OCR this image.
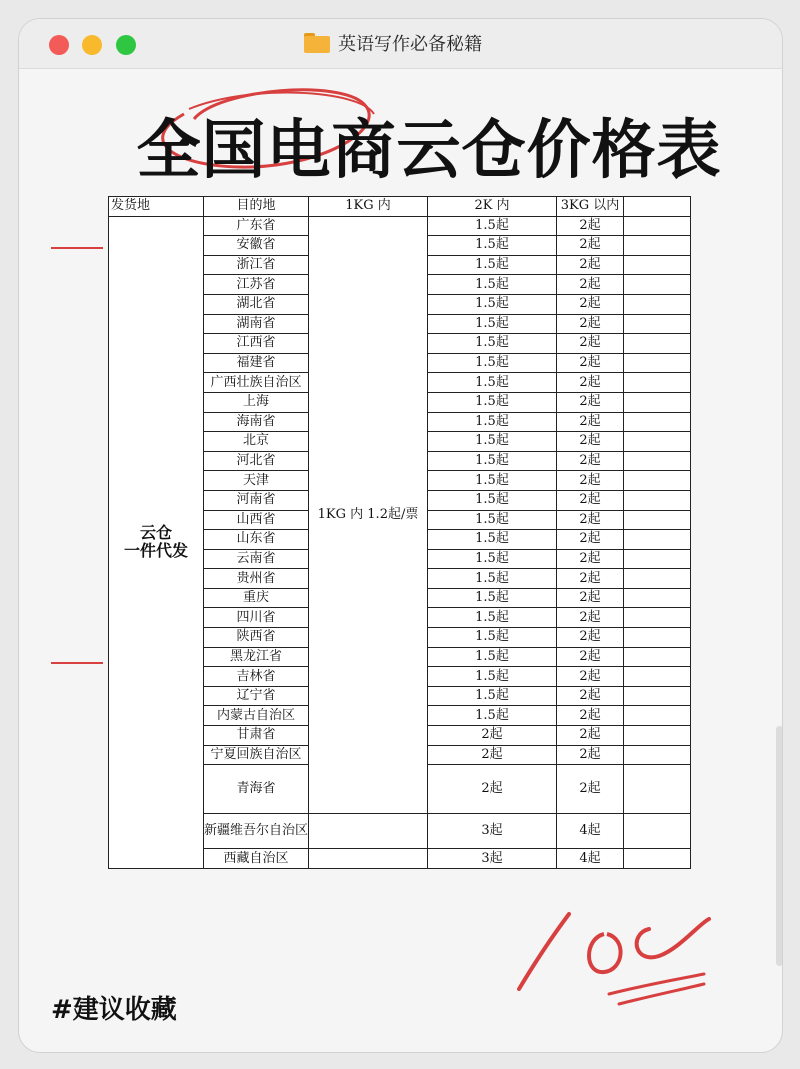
英语写作必备秘籍
全国电商云仓价格表
发货地	目的地	1KG 内	2K 内	3KG 以内	
云仓
一件代发	广东省	1KG 内 1.2起/票	1.5起	2起	
	安徽省		1.5起	2起	
	浙江省		1.5起	2起	
	江苏省		1.5起	2起	
	湖北省		1.5起	2起	
	湖南省		1.5起	2起	
	江西省		1.5起	2起	
	福建省		1.5起	2起	
	广西壮族自治区		1.5起	2起	
	上海		1.5起	2起	
	海南省		1.5起	2起	
	北京		1.5起	2起	
	河北省		1.5起	2起	
	天津		1.5起	2起	
	河南省		1.5起	2起	
	山西省		1.5起	2起	
	山东省		1.5起	2起	
	云南省		1.5起	2起	
	贵州省		1.5起	2起	
	重庆		1.5起	2起	
	四川省		1.5起	2起	
	陕西省		1.5起	2起	
	黑龙江省		1.5起	2起	
	吉林省		1.5起	2起	
	辽宁省		1.5起	2起	
	内蒙古自治区		1.5起	2起	
	甘肃省		2起	2起	
	宁夏回族自治区		2起	2起	
	青海省		2起	2起	
	新疆维吾尔自治区		3起	4起	
	西藏自治区		3起	4起	
#建议收藏
